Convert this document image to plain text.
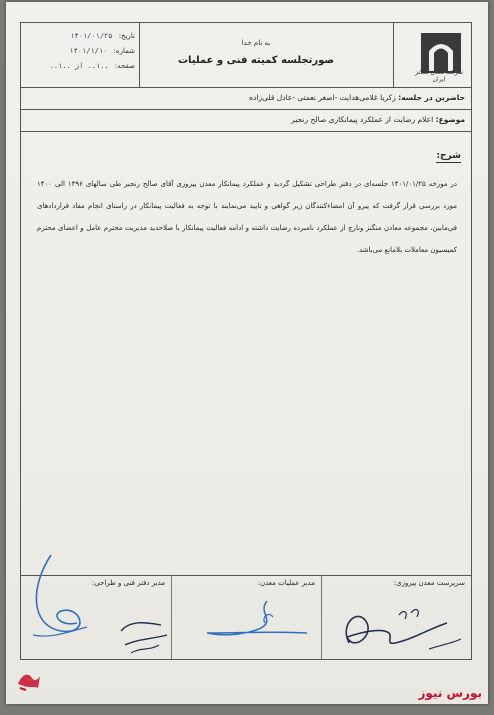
تاریخ: ۱۴۰۱/۰۱/۲۵
شماره: ۱۴۰۱/۱/۱۰
صفحه: ..۱.. از ..۱..
به نام خدا
صورتجلسه کمیته فنی و عملیات
شرکت معدن منگنز ایران
حاضرین در جلسه: زکریا غلامی‌هدایت -اصغر نعمتی -عادل قلی‌زاده
موضوع: اعلام رضایت از عملکرد پیمانکاری صالح رنجبر
شرح:

در مورخه ۱۴۰۱/۰۱/۲۵ جلسه‌ای در دفتر طراحی تشکیل گردید و عملکرد پیمانکار معدن پیروزی آقای صالح رنجبر طی سالهای ۱۳۹۶ الی ۱۴۰۰ مورد بررسی قرار گرفت که پیرو آن امضاءکنندگان زیر گواهی و تایید می‌نمایند با توجه به فعالیت پیمانکار در راستای انجام مفاد قراردادهای فی‌مابین، مجموعه معادن منگنز ونارچ از عملکرد نامبرده رضایت داشته و ادامه فعالیت پیمانکار با صلاحدید مدیریت محترم عامل و اعضای محترم کمیسیون معاملات بلامانع می‌باشد.

سرپرست معدن پیروزی:
مدیر عملیات معدن:
مدیر دفتر فنی و طراحی:
بورس نیوز
